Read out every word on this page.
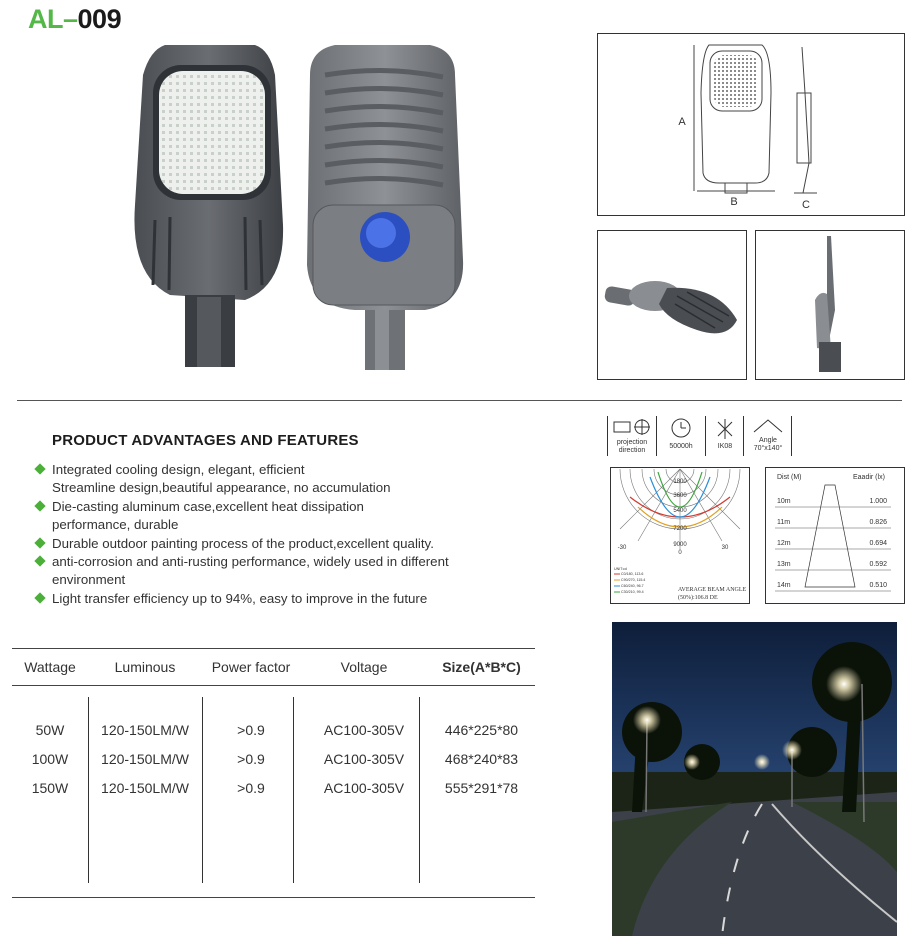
AL–009
A
B	C
projection direction
50000h	IK08
Angle
70°x140°
1800
3600
5400
7200
9000
0
-30	30
UNIT:cd
C0/180, 113.6
C90/270, 115.4
C60/240, 96.7
C30/210, 99.4	AVERAGE BEAM ANGLE
(50%):106.8 DE
Dist (M)	Eaadir (lx)
10m	1.000
11m	0.826
12m	0.694
13m	0.592
14m	0.510
PRODUCT ADVANTAGES AND FEATURES
Integrated cooling design, elegant, efficient
Streamline design,beautiful appearance, no accumulation
Die-casting aluminum case,excellent heat dissipation
performance, durable
Durable outdoor painting process of the product,excellent quality.
anti-corrosion and anti-rusting performance, widely used in different
environment
Light transfer efficiency up to 94%, easy to improve in the future
Wattage	Luminous	Power factor	Voltage	Size(A*B*C)

50W	120-150LM/W	>0.9	AC100-305V	446*225*80
100W	120-150LM/W	>0.9	AC100-305V	468*240*83
150W	120-150LM/W	>0.9	AC100-305V	555*291*78
